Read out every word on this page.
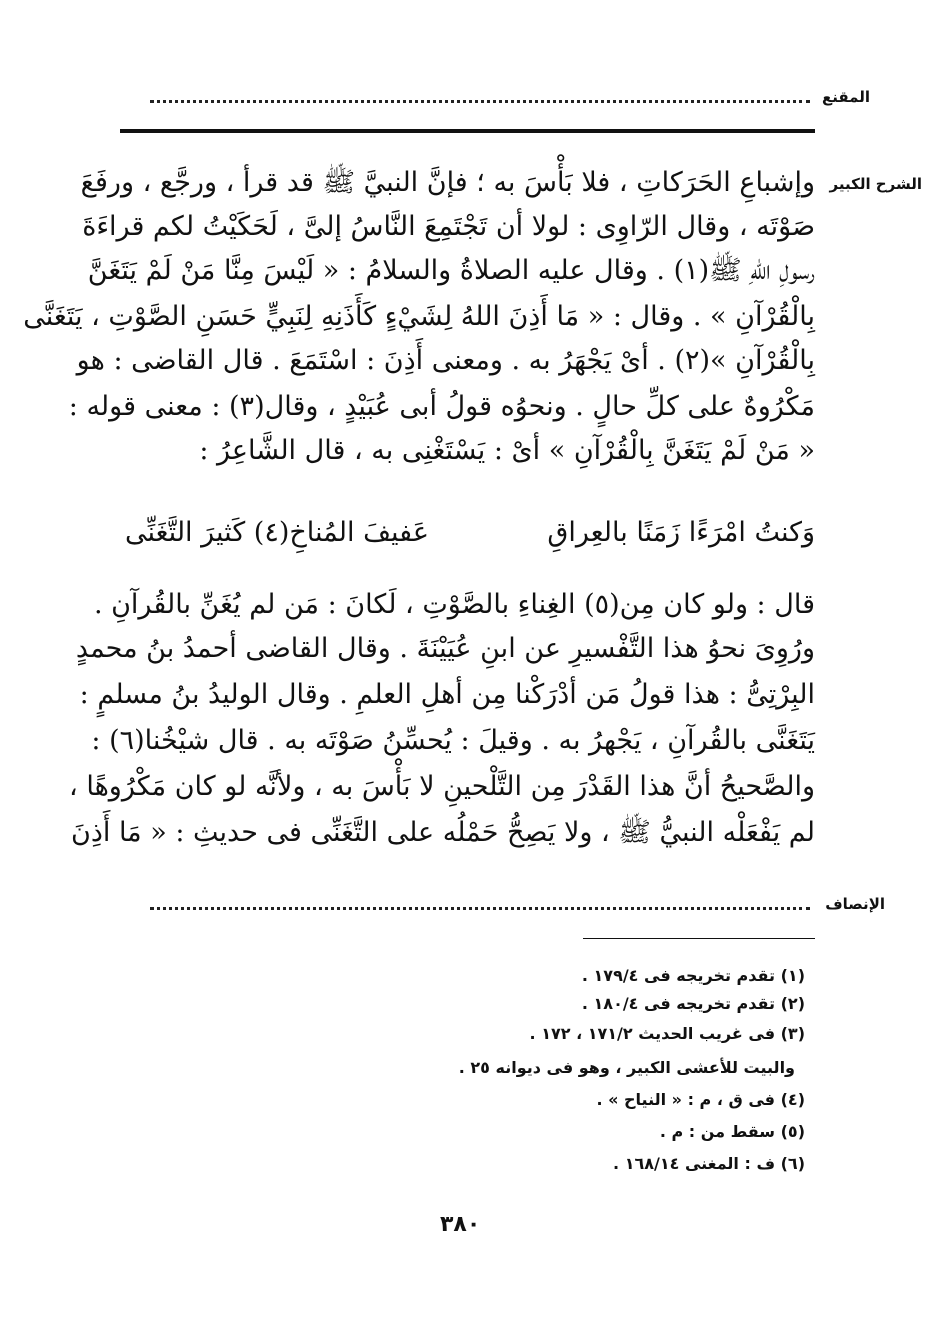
المقنع
الشرح الكبير
وإشباعِ الحَرَكاتِ ، فلا بَأْسَ به ؛ فإنَّ النبيَّ ﷺ قد قرأ ، ورجَّع ، ورفَعَ
صَوْتَه ، وقال الرّاوِى : لولا أن تَجْتَمِعَ النَّاسُ إلىَّ ، لَحَكَيْتُ لكم قراءَةَ
رسولِ اللهِ ﷺ(١) . وقال عليه الصلاةُ والسلامُ : « لَيْسَ مِنَّا مَنْ لَمْ يَتَغَنَّ
بِالْقُرْآنِ » . وقال : « مَا أَذِنَ اللهُ لِشَيْءٍ كَأَذَنِهِ لِنَبِيٍّ حَسَنِ الصَّوْتِ ، يَتَغَنَّى
بِالْقُرْآنِ »(٢) . أىْ يَجْهَرُ به . ومعنى أَذِنَ : اسْتَمَعَ . قال القاضى : هو
مَكْرُوهٌ على كلِّ حالٍ . ونحوُه قولُ أبى عُبَيْدٍ ، وقال(٣) : معنى قوله :
« مَنْ لَمْ يَتَغَنَّ بِالْقُرْآنِ » أىْ : يَسْتَغْنِى به ، قال الشَّاعِرُ :
وَكنتُ امْرَءًا زَمَنًا بالعِراقِ
عَفيفَ المُناخِ(٤) كَثيرَ التَّغَنِّى
قال : ولو كان مِن(٥) الغِناءِ بالصَّوْتِ ، لَكانَ : مَن لم يُغَنِّ بالقُرآنِ .
ورُوِىَ نحوُ هذا التَّفْسيرِ عن ابنِ عُيَيْنَةَ . وقال القاضى أحمدُ بنُ محمدٍ
البِرْتِىُّ : هذا قولُ مَن أدْرَكْنا مِن أهلِ العلمِ . وقال الوليدُ بنُ مسلمٍ :
يَتَغَنَّى بالقُرآنِ ، يَجْهرُ به . وقيلَ : يُحسِّنُ صَوْتَه به . قال شيْخُنا(٦) :
والصَّحيحُ أنَّ هذا القَدْرَ مِن التَّلْحينِ لا بَأْسَ به ، ولأنَّه لو كان مَكْرُوهًا ،
لم يَفْعَلْه النبيُّ ﷺ ، ولا يَصِحُّ حَمْلُه على التَّغَنِّى فى حديثِ : « مَا أَذِنَ
الإنصاف
(١) تقدم تخريجه فى ١٧٩/٤ .
(٢) تقدم تخريجه فى ١٨٠/٤ .
(٣) فى غريب الحديث ١٧١/٢ ، ١٧٢ .
والبيت للأعشى الكبير ، وهو فى ديوانه ٢٥ .
(٤) فى ق ، م : « النياح » .
(٥) سقط من : م .
(٦) ف : المغنى ١٦٨/١٤ .
٣٨٠
